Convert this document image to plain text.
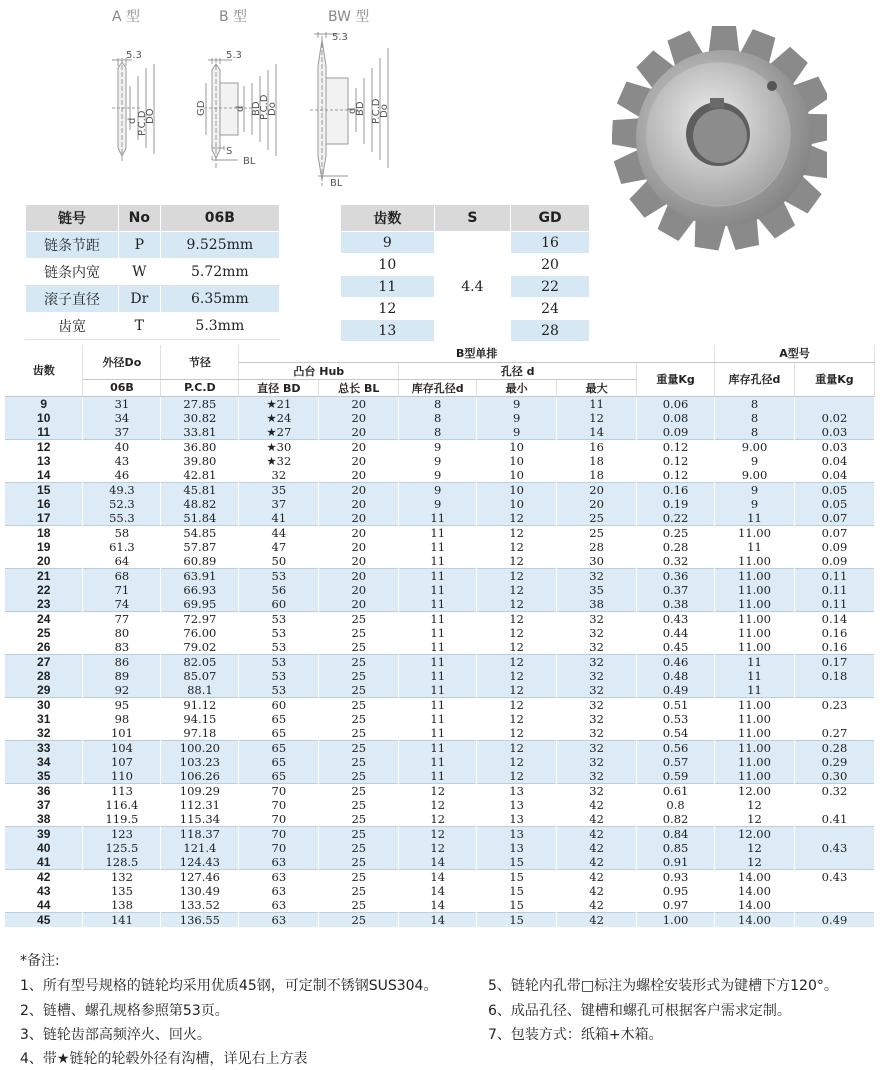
A 型	B 型	BW 型
5.3	5.3
5.3
BL
S
BL
d P.C.D
DO
GD	d BD
P.C.D
Do	d
BD P.C.D
Do
链号	No	06B
链条节距	P	9.525mm
链条内宽	W	5.72mm
滚子直径	Dr	6.35mm
齿宽	T	5.3mm
齿数	S	GD
9	4.4	16
10		20
11		22
12		24
13		28
齿数	外径Do	节径	B型单排						A型号	
			凸台 Hub		孔径 d			重量Kg	库存孔径d	重量Kg
	06B	P.C.D	直径 BD	总长 BL	库存孔径d	最小	最大			
9	31	27.85	★21	20	8	9	11	0.06	8	
10	34	30.82	★24	20	8	9	12	0.08	8	0.02
11	37	33.81	★27	20	8	9	14	0.09	8	0.03
12	40	36.80	★30	20	9	10	16	0.12	9.00	0.03
13	43	39.80	★32	20	9	10	18	0.12	9	0.04
14	46	42.81	32	20	9	10	18	0.12	9.00	0.04
15	49.3	45.81	35	20	9	10	20	0.16	9	0.05
16	52.3	48.82	37	20	9	10	20	0.19	9	0.05
17	55.3	51.84	41	20	11	12	25	0.22	11	0.07
18	58	54.85	44	20	11	12	25	0.25	11.00	0.07
19	61.3	57.87	47	20	11	12	28	0.28	11	0.09
20	64	60.89	50	20	11	12	30	0.32	11.00	0.09
21	68	63.91	53	20	11	12	32	0.36	11.00	0.11
22	71	66.93	56	20	11	12	35	0.37	11.00	0.11
23	74	69.95	60	20	11	12	38	0.38	11.00	0.11
24	77	72.97	53	25	11	12	32	0.43	11.00	0.14
25	80	76.00	53	25	11	12	32	0.44	11.00	0.16
26	83	79.02	53	25	11	12	32	0.45	11.00	0.16
27	86	82.05	53	25	11	12	32	0.46	11	0.17
28	89	85.07	53	25	11	12	32	0.48	11	0.18
29	92	88.1	53	25	11	12	32	0.49	11	
30	95	91.12	60	25	11	12	32	0.51	11.00	0.23
31	98	94.15	65	25	11	12	32	0.53	11.00	
32	101	97.18	65	25	11	12	32	0.54	11.00	0.27
33	104	100.20	65	25	11	12	32	0.56	11.00	0.28
34	107	103.23	65	25	11	12	32	0.57	11.00	0.29
35	110	106.26	65	25	11	12	32	0.59	11.00	0.30
36	113	109.29	70	25	12	13	32	0.61	12.00	0.32
37	116.4	112.31	70	25	12	13	42	0.8	12	
38	119.5	115.34	70	25	12	13	42	0.82	12	0.41
39	123	118.37	70	25	12	13	42	0.84	12.00	
40	125.5	121.4	70	25	12	13	42	0.85	12	0.43
41	128.5	124.43	63	25	14	15	42	0.91	12	
42	132	127.46	63	25	14	15	42	0.93	14.00	0.43
43	135	130.49	63	25	14	15	42	0.95	14.00	
44	138	133.52	63	25	14	15	42	0.97	14.00	
45	141	136.55	63	25	14	15	42	1.00	14.00	0.49
*备注:
1、所有型号规格的链轮均采用优质45钢，可定制不锈钢SUS304。
2、链槽、螺孔规格参照第53页。
3、链轮齿部高频淬火、回火。
4、带★链轮的轮毂外径有沟槽，详见右上方表
5、链轮内孔带□标注为螺栓安装形式为键槽下方120°。
6、成品孔径、键槽和螺孔可根据客户需求定制。
7、包装方式：纸箱+木箱。
